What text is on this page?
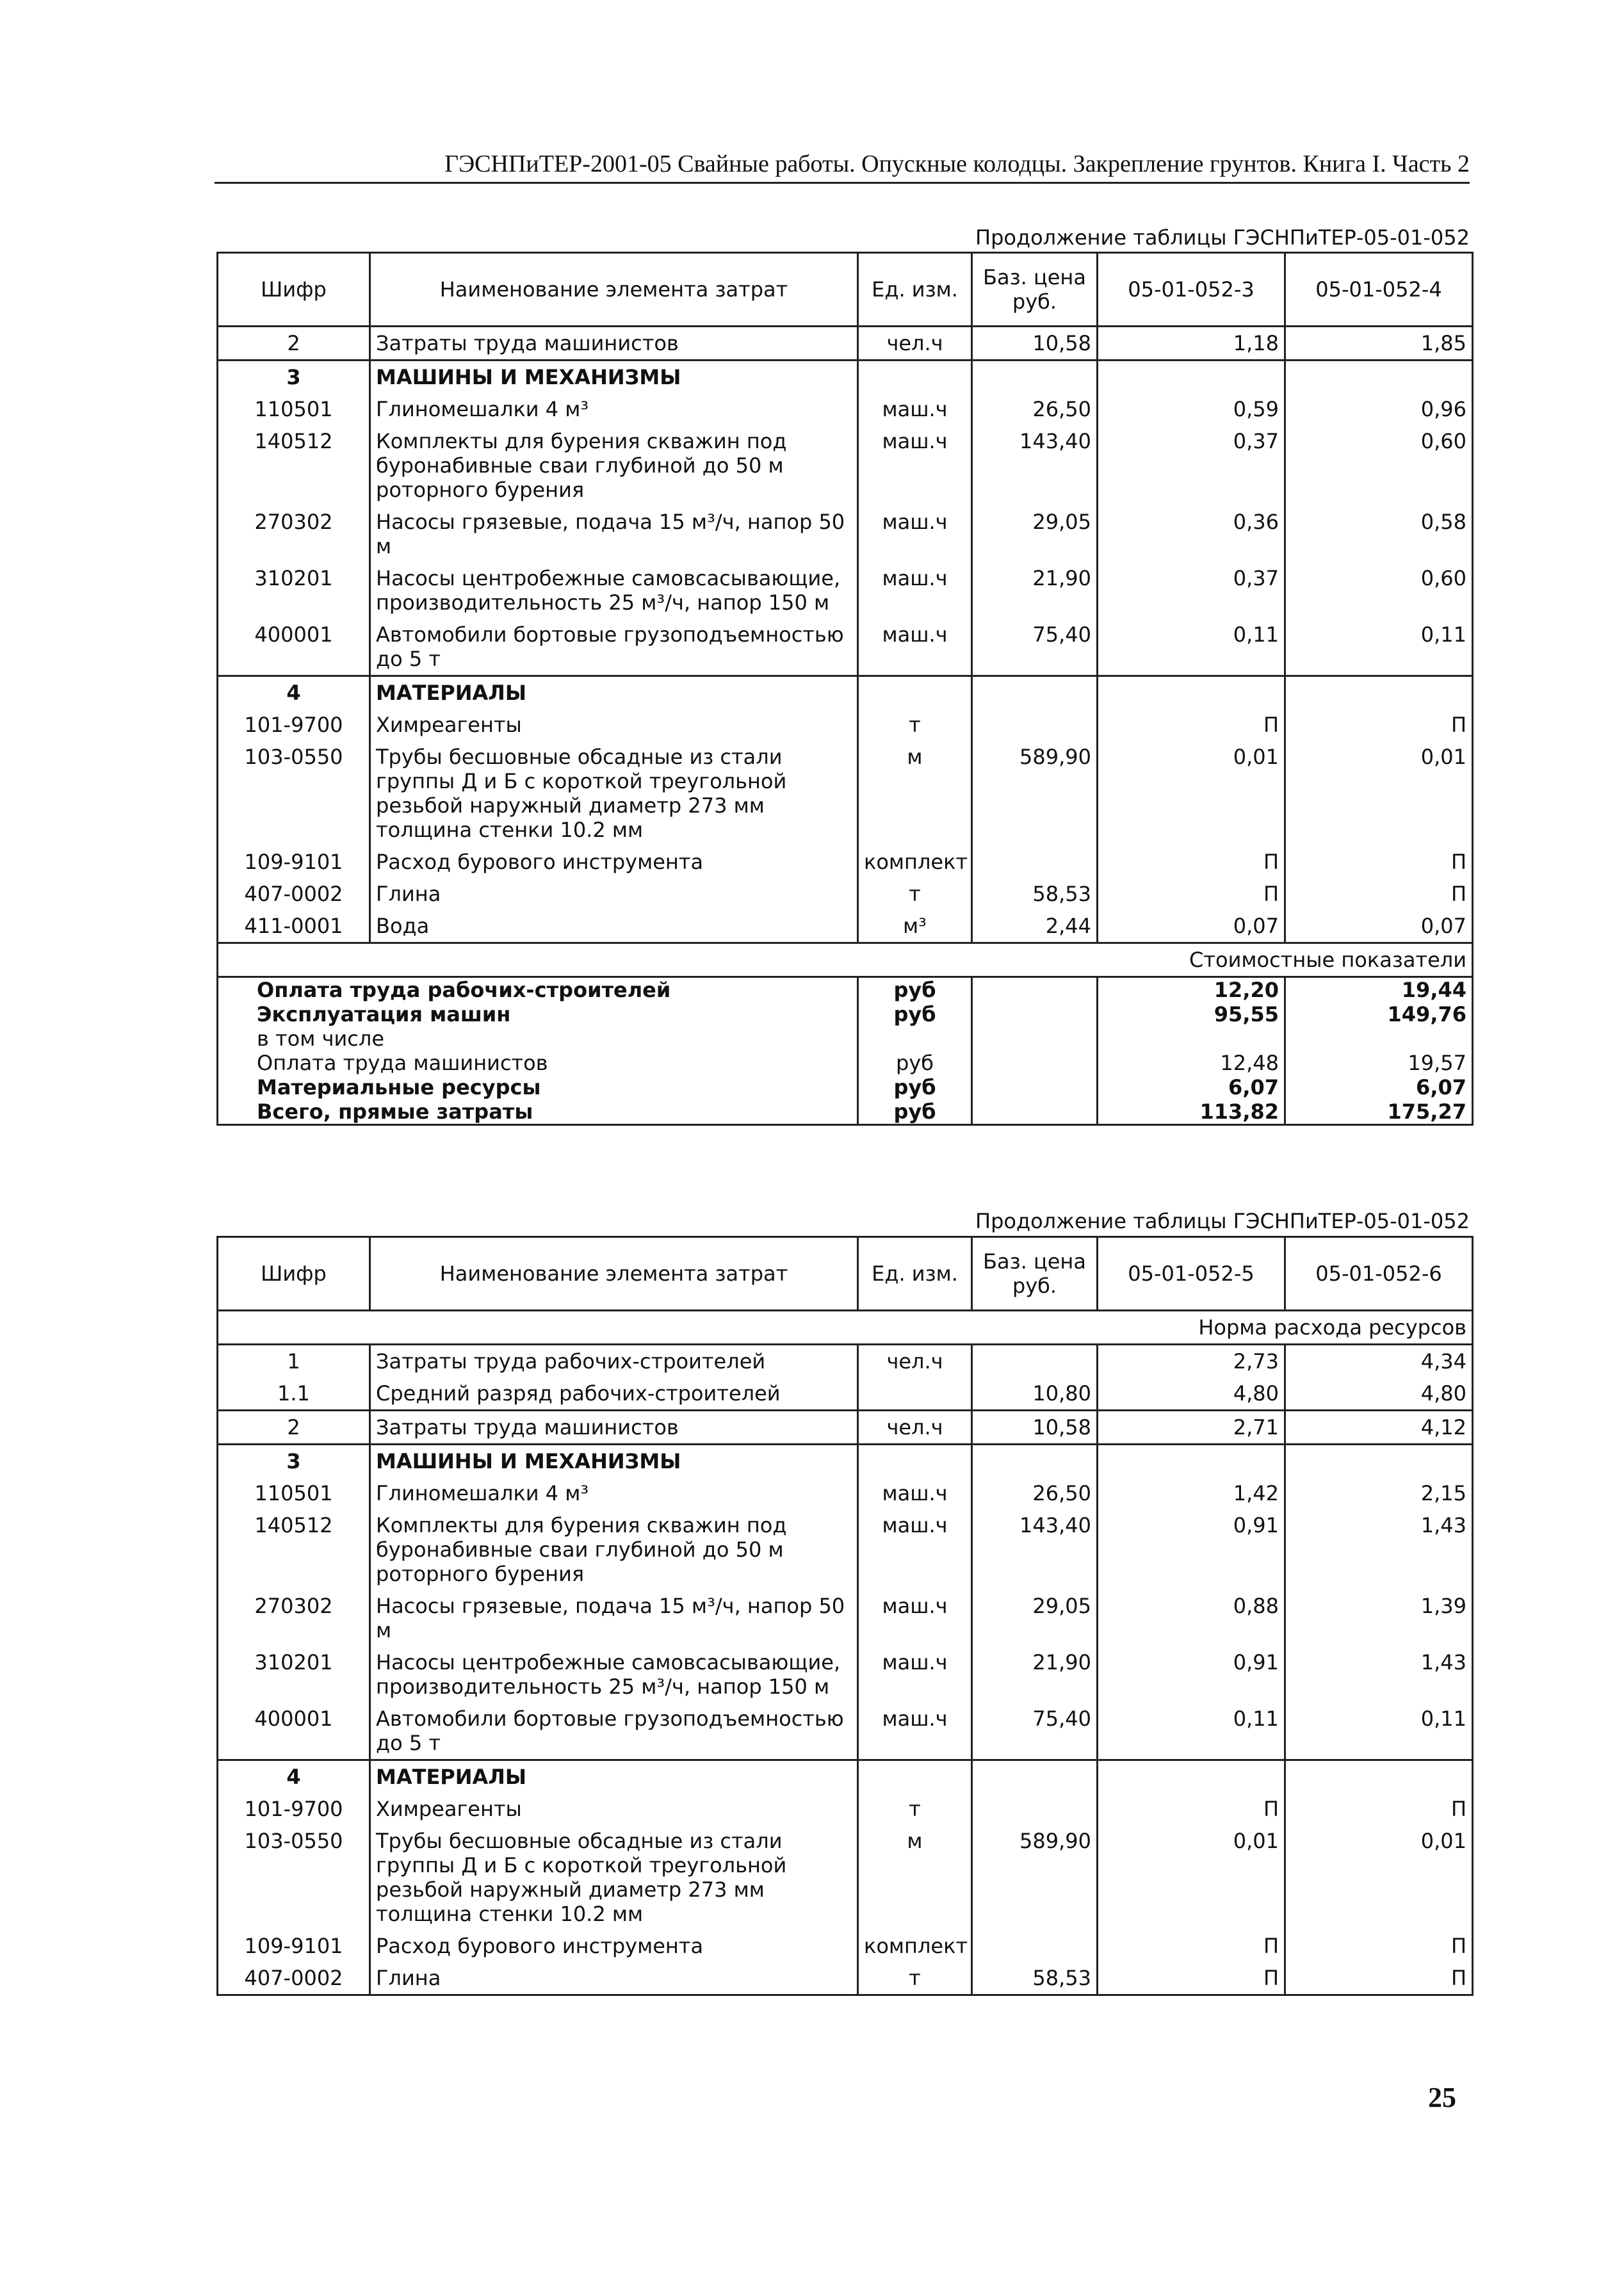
ГЭСНПиТЕР-2001-05 Свайные работы. Опускные колодцы. Закрепление грунтов. Книга I. Часть 2
Продолжение таблицы ГЭСНПиТЕР-05-01-052
Шифр	Наименование элемента затрат	Ед. изм.	Баз. цена руб.	05-01-052-3	05-01-052-4
2	Затраты труда машинистов	чел.ч	10,58	1,18	1,85
3	МАШИНЫ И МЕХАНИЗМЫ				
110501	Глиномешалки 4 м³	маш.ч	26,50	0,59	0,96
140512	Комплекты для бурения скважин под буронабивные сваи глубиной до 50 м роторного бурения	маш.ч	143,40	0,37	0,60
270302	Насосы грязевые, подача 15 м³/ч, напор 50 м	маш.ч	29,05	0,36	0,58
310201	Насосы центробежные самовсасывающие, производительность 25 м³/ч, напор 150 м	маш.ч	21,90	0,37	0,60
400001	Автомобили бортовые грузоподъемностью до 5 т	маш.ч	75,40	0,11	0,11
4	МАТЕРИАЛЫ				
101-9700	Химреагенты	т		П	П
103-0550	Трубы бесшовные обсадные из стали группы Д и Б с короткой треугольной резьбой наружный диаметр 273 мм толщина стенки 10.2 мм	м	589,90	0,01	0,01
109-9101	Расход бурового инструмента	комплект		П	П
407-0002	Глина	т	58,53	П	П
411-0001	Вода	м³	2,44	0,07	0,07
Стоимостные показатели					
Оплата труда рабочих-строителей		руб		12,20	19,44
Эксплуатация машин		руб		95,55	149,76
в том числе					
Оплата труда машинистов		руб		12,48	19,57
Материальные ресурсы		руб		6,07	6,07
Всего, прямые затраты		руб		113,82	175,27
Продолжение таблицы ГЭСНПиТЕР-05-01-052
Шифр	Наименование элемента затрат	Ед. изм.	Баз. цена руб.	05-01-052-5	05-01-052-6
Норма расхода ресурсов					
1	Затраты труда рабочих-строителей	чел.ч		2,73	4,34
1.1	Средний разряд рабочих-строителей		10,80	4,80	4,80
2	Затраты труда машинистов	чел.ч	10,58	2,71	4,12
3	МАШИНЫ И МЕХАНИЗМЫ				
110501	Глиномешалки 4 м³	маш.ч	26,50	1,42	2,15
140512	Комплекты для бурения скважин под буронабивные сваи глубиной до 50 м роторного бурения	маш.ч	143,40	0,91	1,43
270302	Насосы грязевые, подача 15 м³/ч, напор 50 м	маш.ч	29,05	0,88	1,39
310201	Насосы центробежные самовсасывающие, производительность 25 м³/ч, напор 150 м	маш.ч	21,90	0,91	1,43
400001	Автомобили бортовые грузоподъемностью до 5 т	маш.ч	75,40	0,11	0,11
4	МАТЕРИАЛЫ				
101-9700	Химреагенты	т		П	П
103-0550	Трубы бесшовные обсадные из стали группы Д и Б с короткой треугольной резьбой наружный диаметр 273 мм толщина стенки 10.2 мм	м	589,90	0,01	0,01
109-9101	Расход бурового инструмента	комплект		П	П
407-0002	Глина	т	58,53	П	П
25
